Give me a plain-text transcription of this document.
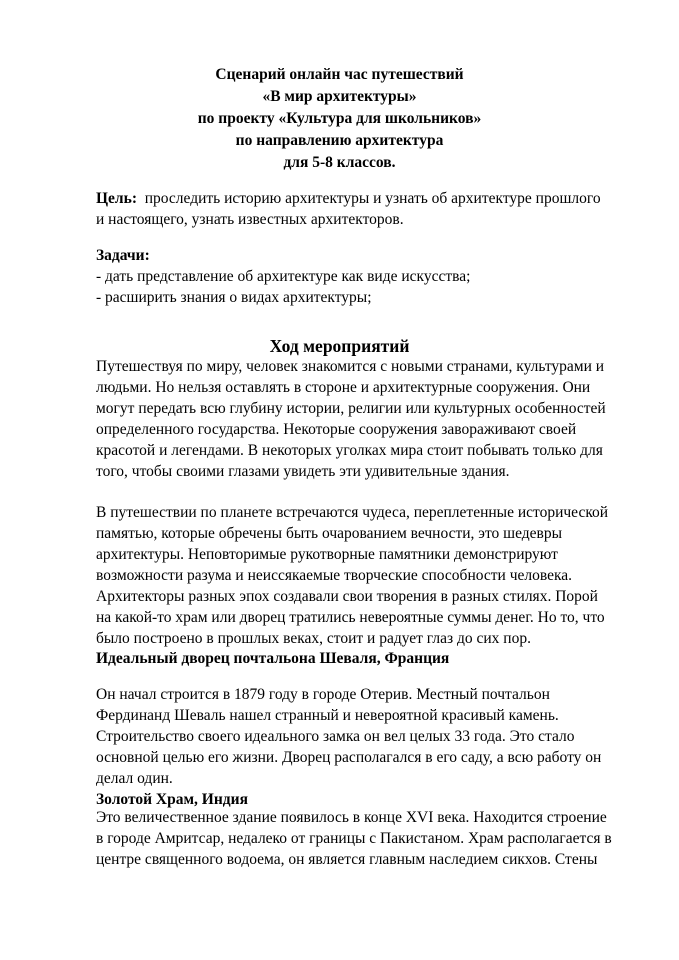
Сценарий онлайн час путешествий
«В мир архитектуры»
по проекту «Культура для школьников»
по направлению архитектура
для 5-8 классов.
Цель:  проследить историю архитектуры и узнать об архитектуре прошлого
и настоящего, узнать известных архитекторов.
Задачи:
- дать представление об архитектуре как виде искусства;
- расширить знания о видах архитектуры;
Ход мероприятий
Путешествуя по миру, человек знакомится с новыми странами, культурами и
людьми. Но нельзя оставлять в стороне и архитектурные сооружения. Они
могут передать всю глубину истории, религии или культурных особенностей
определенного государства. Некоторые сооружения завораживают своей
красотой и легендами. В некоторых уголках мира стоит побывать только для
того, чтобы своими глазами увидеть эти удивительные здания.
В путешествии по планете встречаются чудеса, переплетенные исторической
памятью, которые обречены быть очарованием вечности, это шедевры
архитектуры. Неповторимые рукотворные памятники демонстрируют
возможности разума и неиссякаемые творческие способности человека.
Архитекторы разных эпох создавали свои творения в разных стилях. Порой
на какой-то храм или дворец тратились невероятные суммы денег. Но то, что
было построено в прошлых веках, стоит и радует глаз до сих пор.
Идеальный дворец почтальона Шеваля, Франция
Он начал строится в 1879 году в городе Отерив. Местный почтальон
Фердинанд Шеваль нашел странный и невероятной красивый камень.
Строительство своего идеального замка он вел целых 33 года. Это стало
основной целью его жизни. Дворец располагался в его саду, а всю работу он
делал один.
Золотой Храм, Индия
Это величественное здание появилось в конце XVI века. Находится строение
в городе Амритсар, недалеко от границы с Пакистаном. Храм располагается в
центре священного водоема, он является главным наследием сикхов. Стены
